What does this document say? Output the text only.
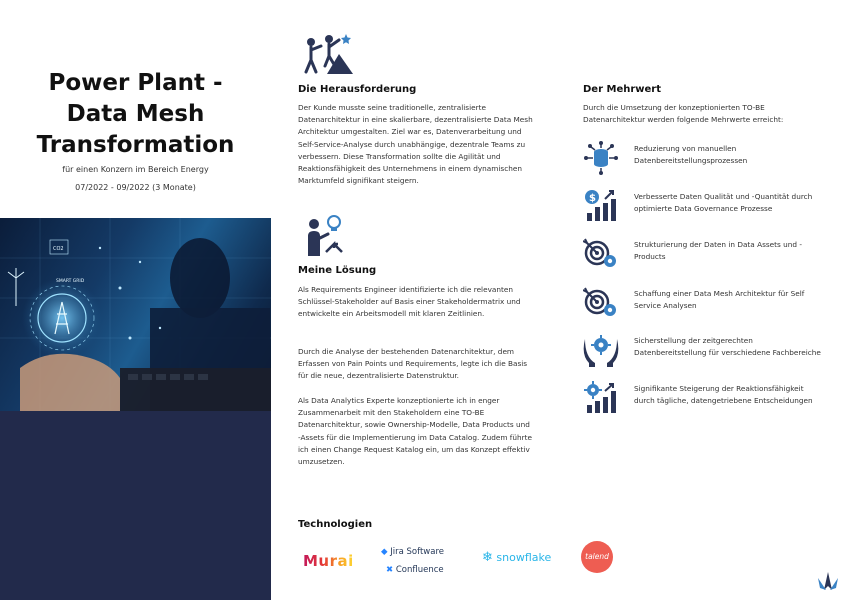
Power Plant -
Data Mesh
Transformation
für einen Konzern im Bereich Energy
07/2022 - 09/2022 (3 Monate)
CO2
SMART GRID
Die Herausforderung
Der Kunde musste seine traditionelle, zentralisierte Datenarchitektur in eine skalierbare, dezentralisierte Data Mesh Architektur umgestalten. Ziel war es, Datenverarbeitung und Self-Service-Analyse durch unabhängige, dezentrale Teams zu verbessern. Diese Transformation sollte die Agilität und Reaktionsfähigkeit des Unternehmens in einem dynamischen Marktumfeld signifikant steigern.
Meine Lösung
Als Requirements Engineer identifizierte ich die relevanten Schlüssel-Stakeholder auf Basis einer Stakeholdermatrix und entwickelte ein Arbeitsmodell mit klaren Zeitlinien.
Durch die Analyse der bestehenden Datenarchitektur, dem Erfassen von Pain Points und Requirements, legte ich die Basis für die neue, dezentralisierte Datenstruktur.
Als Data Analytics Experte konzeptionierte ich in enger Zusammenarbeit mit den Stakeholdern eine TO-BE Datenarchitektur, sowie Ownership-Modelle, Data Products und -Assets für die Implementierung im Data Catalog. Zudem führte ich einen Change Request Katalog ein, um das Konzept effektiv umzusetzen.
Der Mehrwert
Durch die Umsetzung der konzeptionierten TO-BE Datenarchitektur werden folgende Mehrwerte erreicht:
Reduzierung von manuellen Datenbereitstellungsprozessen
$	Verbesserte Daten Qualität und -Quantität durch optimierte Data Governance Prozesse
Strukturierung der Daten in Data Assets und -Products
Schaffung einer Data Mesh Architektur für Self Service Analysen
Sicherstellung der zeitgerechten Datenbereitstellung für verschiedene Fachbereiche
Signifikante Steigerung der Reaktionsfähigkeit durch tägliche, datengetriebene Entscheidungen
Technologien
Murai	◆ Jira Software
✖ Confluence
❄ snowflake	talend
